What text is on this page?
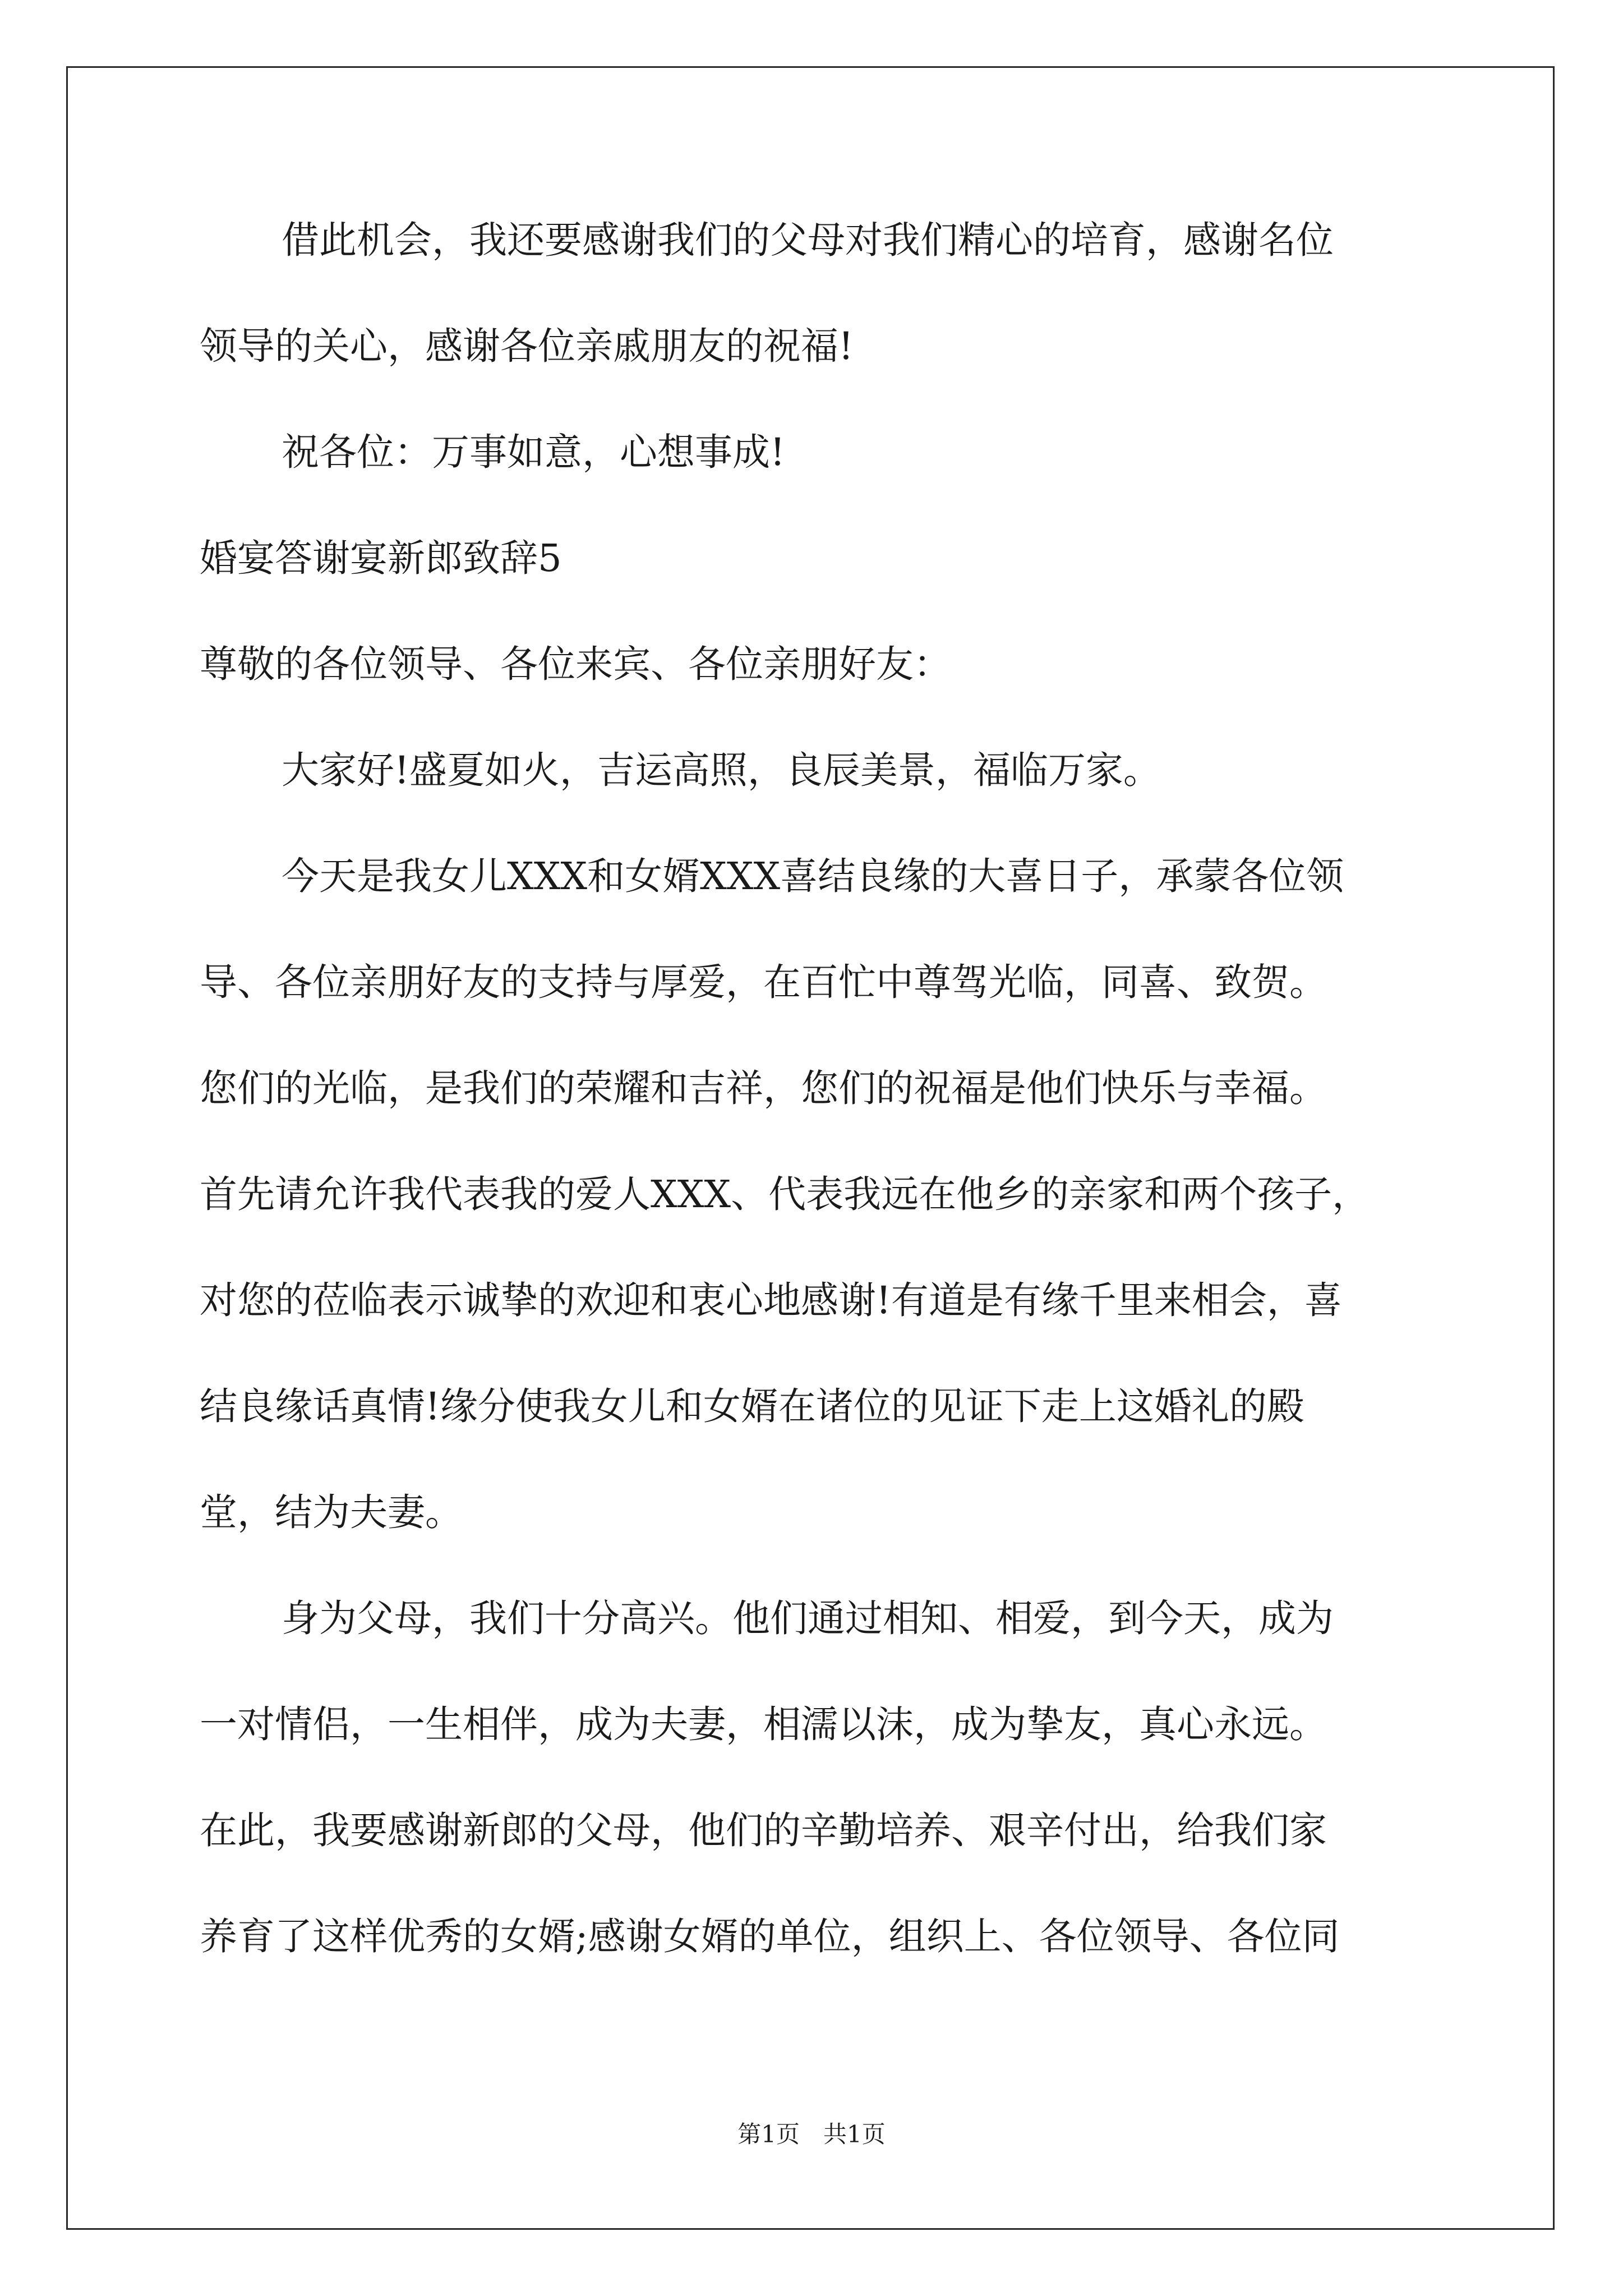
借此机会，我还要感谢我们的父母对我们精心的培育，感谢名位
领导的关心，感谢各位亲戚朋友的祝福!
祝各位：万事如意，心想事成!
婚宴答谢宴新郎致辞5
尊敬的各位领导、各位来宾、各位亲朋好友：
大家好!盛夏如火，吉运高照，良辰美景，福临万家。
今天是我女儿XXX和女婿XXX喜结良缘的大喜日子，承蒙各位领
导、各位亲朋好友的支持与厚爱，在百忙中尊驾光临，同喜、致贺。
您们的光临，是我们的荣耀和吉祥，您们的祝福是他们快乐与幸福。
首先请允许我代表我的爱人XXX、代表我远在他乡的亲家和两个孩子，
对您的莅临表示诚挚的欢迎和衷心地感谢!有道是有缘千里来相会，喜
结良缘话真情!缘分使我女儿和女婿在诸位的见证下走上这婚礼的殿
堂，结为夫妻。
身为父母，我们十分高兴。他们通过相知、相爱，到今天，成为
一对情侣，一生相伴，成为夫妻，相濡以沫，成为挚友，真心永远。
在此，我要感谢新郎的父母，他们的辛勤培养、艰辛付出，给我们家
养育了这样优秀的女婿;感谢女婿的单位，组织上、各位领导、各位同
第1页　共1页
